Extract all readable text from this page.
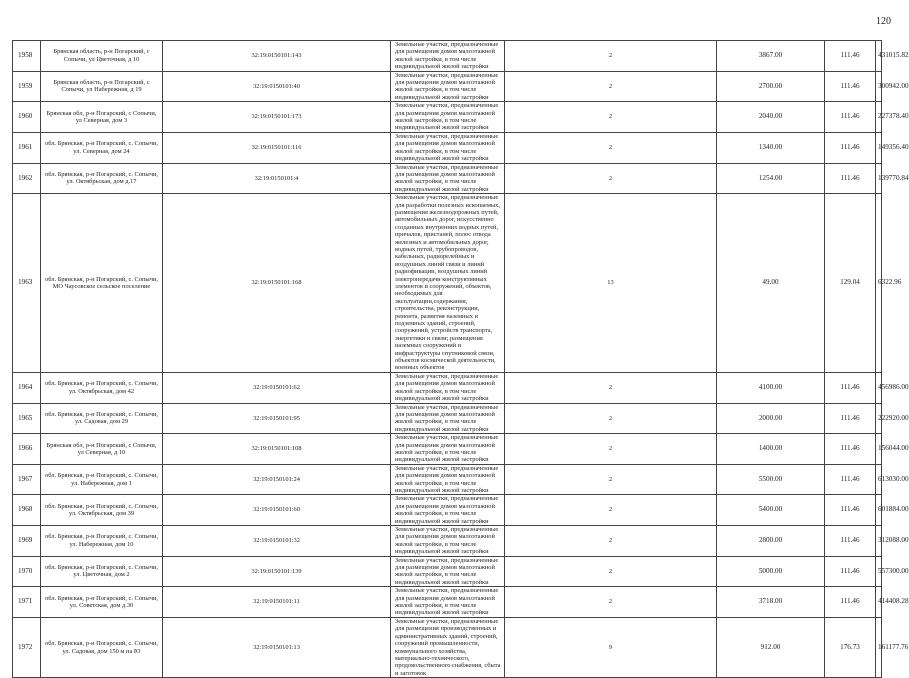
120
1958	Брянская область, р-н Погарский, с Сопычи, ул Цветочная, д 10	32:19:0150101:143	Земельные участки, предназначенные для размещения домов малоэтажной жилой застройки, в том числе индивидуальной жилой застройки	2	3867.00	111.46	431015.82
1959	Брянская область, р-н Погарский, с Сопычи, ул Набережная, д 19	32:19:0150101:40	Земельные участки, предназначенные для размещения домов малоэтажной жилой застройки, в том числе индивидуальной жилой застройки	2	2700.00	111.46	300942.00
1960	Брянская обл, р-н Погарский, с Сопычи, ул Северная, дом 3	32:19:0150101:173	Земельные участки, предназначенные для размещения домов малоэтажной жилой застройки, в том числе индивидуальной жилой застройки	2	2040.00	111.46	227378.40
1961	обл. Брянская, р-н Погарский, с. Сопычи, ул. Северная, дом 24	32:19:0150101:116	Земельные участки, предназначенные для размещения домов малоэтажной жилой застройки, в том числе индивидуальной жилой застройки	2	1340.00	111.46	149356.40
1962	обл. Брянская, р-н Погарский, с. Сопычи, ул. Октябрьская, дом д.17	32:19:0150101:4	Земельные участки, предназначенные для размещения домов малоэтажной жилой застройки, в том числе индивидуальной жилой застройки	2	1254.00	111.46	139770.84
1963	обл. Брянская, р-н Погарский, с. Сопычи, МО Чаусовское сельское поселение	32:19:0150101:168	Земельные участки, предназначенные для разработки полезных ископаемых, размещения железнодорожных путей, автомобильных дорог, искусственно созданных внутренних водных путей, причалов, пристаней, полос отвода железных и автомобильных дорог, водных путей, трубопроводов, кабельных, радиорелейных и воздушных линий связи и линий радиофикации, воздушных линий электропередачи конструктивных элементов и сооружений, объектов, необходимых для эксплуатации,содержания, строительства, реконструкции, ремонта, развития наземных и подземных зданий, строений, сооружений, устройств транспорта, энергетики и связи; размещения наземных сооружений и инфраструктуры спутниковой связи, объектов космической деятельности, военных объектов	13	49.00	129.04	6322.96
1964	обл. Брянская, р-н Погарский, с. Сопычи, ул. Октябрьская, дом 42	32:19:0150101:62	Земельные участки, предназначенные для размещения домов малоэтажной жилой застройки, в том числе индивидуальной жилой застройки	2	4100.00	111.46	456986.00
1965	обл. Брянская, р-н Погарский, с. Сопычи, ул. Садовая, дом 29	32:19:0150101:95	Земельные участки, предназначенные для размещения домов малоэтажной жилой застройки, в том числе индивидуальной жилой застройки	2	2000.00	111.46	222920.00
1966	Брянская обл, р-н Погарский, с Сопычи, ул Северная, д 10	32:19:0150101:108	Земельные участки, предназначенные для размещения домов малоэтажной жилой застройки, в том числе индивидуальной жилой застройки	2	1400.00	111.46	156044.00
1967	обл. Брянская, р-н Погарский, с. Сопычи, ул. Набережная, дом 1	32:19:0150101:24	Земельные участки, предназначенные для размещения домов малоэтажной жилой застройки, в том числе индивидуальной жилой застройки	2	5500.00	111.46	613030.00
1968	обл. Брянская, р-н Погарский, с. Сопычи, ул. Октябрьская, дом 39	32:19:0150101:60	Земельные участки, предназначенные для размещения домов малоэтажной жилой застройки, в том числе индивидуальной жилой застройки	2	5400.00	111.46	601884.00
1969	обл. Брянская, р-н Погарский, с. Сопычи, ул. Набережная, дом 10	32:19:0150101:32	Земельные участки, предназначенные для размещения домов малоэтажной жилой застройки, в том числе индивидуальной жилой застройки	2	2800.00	111.46	312088.00
1970	обл. Брянская, р-н Погарский, с. Сопычи, ул. Цветочная, дом 2	32:19:0150101:139	Земельные участки, предназначенные для размещения домов малоэтажной жилой застройки, в том числе индивидуальной жилой застройки	2	5000.00	111.46	557300.00
1971	обл. Брянская, р-н Погарский, с. Сопычи, ул. Советская, дом д.30	32:19:0150101:11	Земельные участки, предназначенные для размещения домов малоэтажной жилой застройки, в том числе индивидуальной жилой застройки	2	3718.00	111.46	414408.28
1972	обл. Брянская, р-н Погарский, с. Сопычи, ул. Садовая, дом 150 м на Ю	32:19:0150101:13	Земельные участки, предназначенные для размещения производственных и административных зданий, строений, сооружений промышленности, коммунального хозяйства, материально-технического, продовольственного снабжения, сбыта и заготовок	9	912.00	176.73	161177.76
